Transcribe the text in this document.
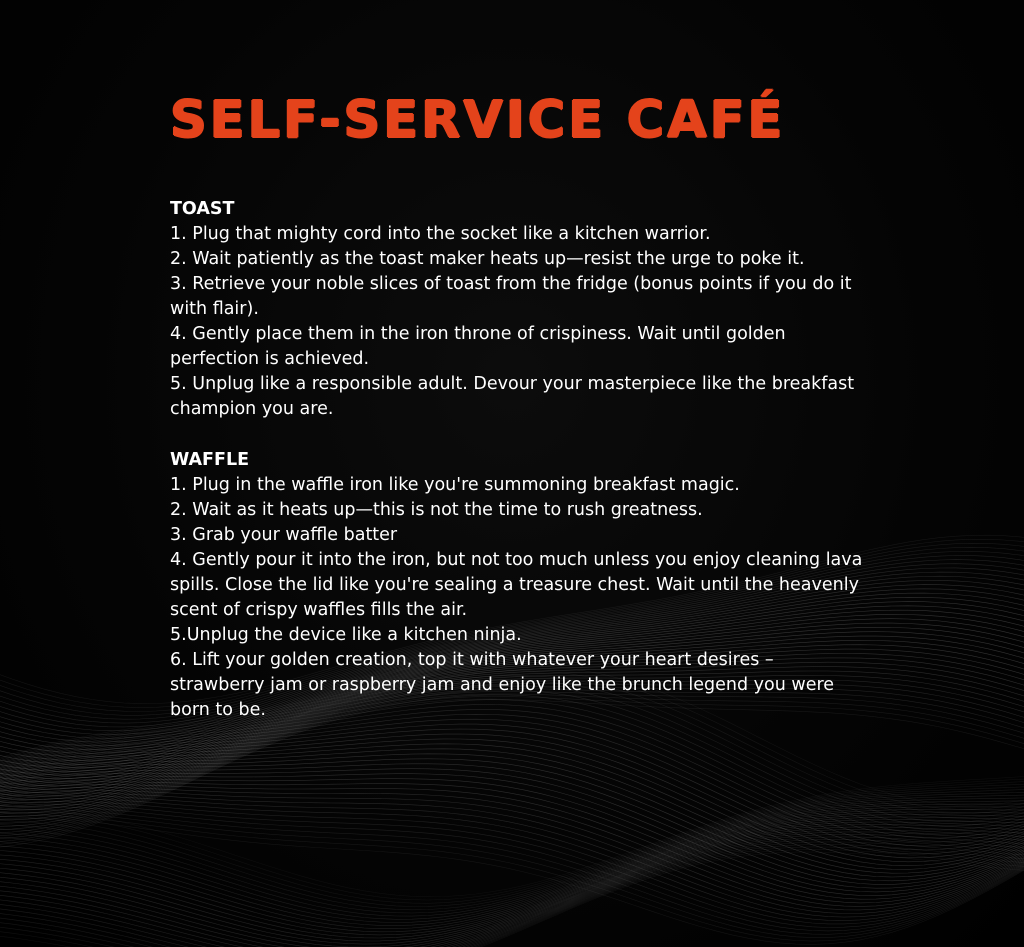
SELF-SERVICE CAFÉ
TOAST

1. Plug that mighty cord into the socket like a kitchen warrior.

2. Wait patiently as the toast maker heats up—resist the urge to poke it.

3. Retrieve your noble slices of toast from the fridge (bonus points if you do it with flair).

4. Gently place them in the iron throne of crispiness. Wait until golden perfection is achieved.

5. Unplug like a responsible adult. Devour your masterpiece like the breakfast champion you are.

WAFFLE

1. Plug in the waffle iron like you're summoning breakfast magic.

2. Wait as it heats up—this is not the time to rush greatness.

3. Grab your waffle batter

4. Gently pour it into the iron, but not too much unless you enjoy cleaning lava spills. Close the lid like you're sealing a treasure chest. Wait until the heavenly scent of crispy waffles fills the air.

5.Unplug the device like a kitchen ninja.

6. Lift your golden creation, top it with whatever your heart desires – strawberry jam or raspberry jam and enjoy like the brunch legend you were born to be.
